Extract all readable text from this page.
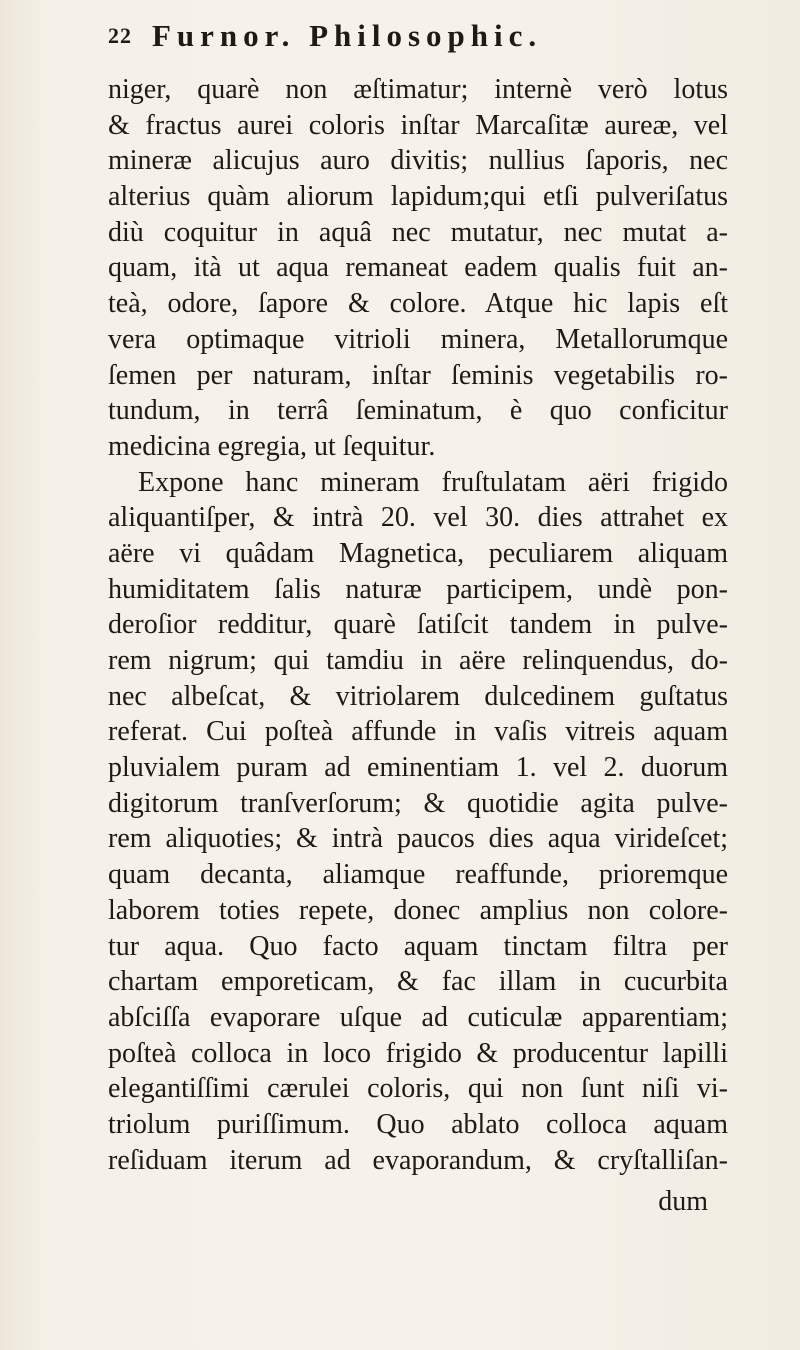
22 Furnor. Philosophic.
niger, quarè non æſtimatur; internè verò lotus
& fractus aurei coloris inſtar Marcaſitæ aureæ, vel
mineræ alicujus auro divitis; nullius ſaporis, nec
alterius quàm aliorum lapidum;qui etſi pulveriſatus
diù coquitur in aquâ nec mutatur, nec mutat a-
quam, ità ut aqua remaneat eadem qualis fuit an-
teà, odore, ſapore & colore. Atque hic lapis eſt
vera optimaque vitrioli minera, Metallorumque
ſemen per naturam, inſtar ſeminis vegetabilis ro-
tundum, in terrâ ſeminatum, è quo conficitur
medicina egregia, ut ſequitur.
Expone hanc mineram fruſtulatam aëri frigido
aliquantiſper, & intrà 20. vel 30. dies attrahet ex
aëre vi quâdam Magnetica, peculiarem aliquam
humiditatem ſalis naturæ participem, undè pon-
deroſior redditur, quarè ſatiſcit tandem in pulve-
rem nigrum; qui tamdiu in aëre relinquendus, do-
nec albeſcat, & vitriolarem dulcedinem guſtatus
referat. Cui poſteà affunde in vaſis vitreis aquam
pluvialem puram ad eminentiam 1. vel 2. duorum
digitorum tranſverſorum; & quotidie agita pulve-
rem aliquoties; & intrà paucos dies aqua virideſcet;
quam decanta, aliamque reaffunde, prioremque
laborem toties repete, donec amplius non colore-
tur aqua. Quo facto aquam tinctam filtra per
chartam emporeticam, & fac illam in cucurbita
abſciſſa evaporare uſque ad cuticulæ apparentiam;
poſteà colloca in loco frigido & producentur lapilli
elegantiſſimi cærulei coloris, qui non ſunt niſi vi-
triolum puriſſimum. Quo ablato colloca aquam
reſiduam iterum ad evaporandum, & cryſtalliſan-
dum
